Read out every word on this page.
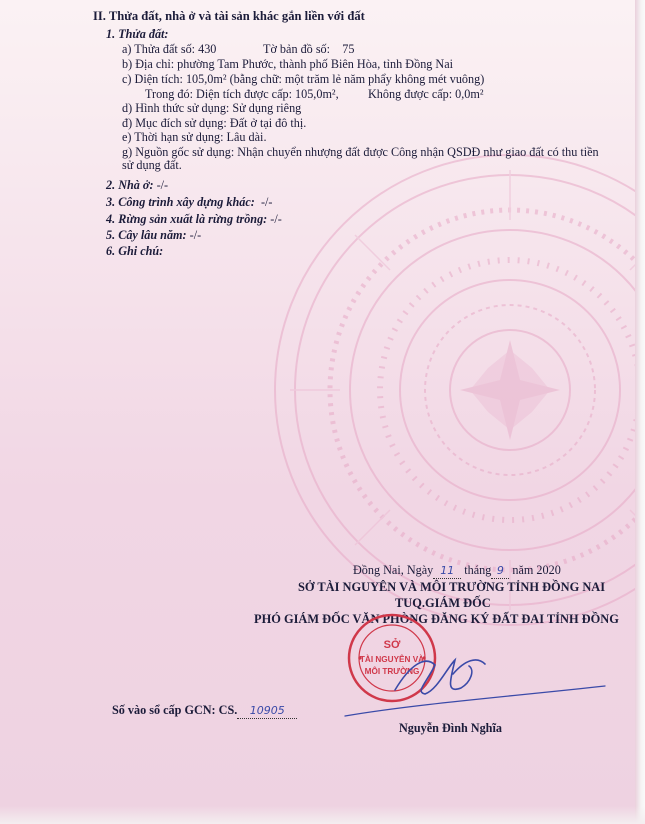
II. Thửa đất, nhà ở và tài sản khác gắn liền với đất
1. Thửa đất:
a) Thửa đất số: 430	Tờ bản đồ số: 75
b) Địa chỉ: phường Tam Phước, thành phố Biên Hòa, tỉnh Đồng Nai
c) Diện tích: 105,0m² (bằng chữ: một trăm lẻ năm phẩy không mét vuông)
Trong đó: Diện tích được cấp: 105,0m², Không được cấp: 0,0m²
d) Hình thức sử dụng: Sử dụng riêng
đ) Mục đích sử dụng: Đất ở tại đô thị.
e) Thời hạn sử dụng: Lâu dài.
g) Nguồn gốc sử dụng: Nhận chuyển nhượng đất được Công nhận QSDĐ như giao đất có thu tiền
sử dụng đất.
2. Nhà ở: -/-
3. Công trình xây dựng khác: -/-
4. Rừng sản xuất là rừng trồng: -/-
5. Cây lâu năm: -/-
6. Ghi chú:
Đồng Nai, Ngày 11 tháng 9 năm 2020
SỞ TÀI NGUYÊN VÀ MÔI TRƯỜNG TỈNH ĐỒNG NAI
TUQ.GIÁM ĐỐC
PHÓ GIÁM ĐỐC VĂN PHÒNG ĐĂNG KÝ ĐẤT ĐAI TỈNH ĐỒNG
SỞ
TÀI NGUYÊN VÀ
MÔI TRƯỜNG
Số vào sổ cấp GCN: CS. 10905
Nguyễn Đình Nghĩa
